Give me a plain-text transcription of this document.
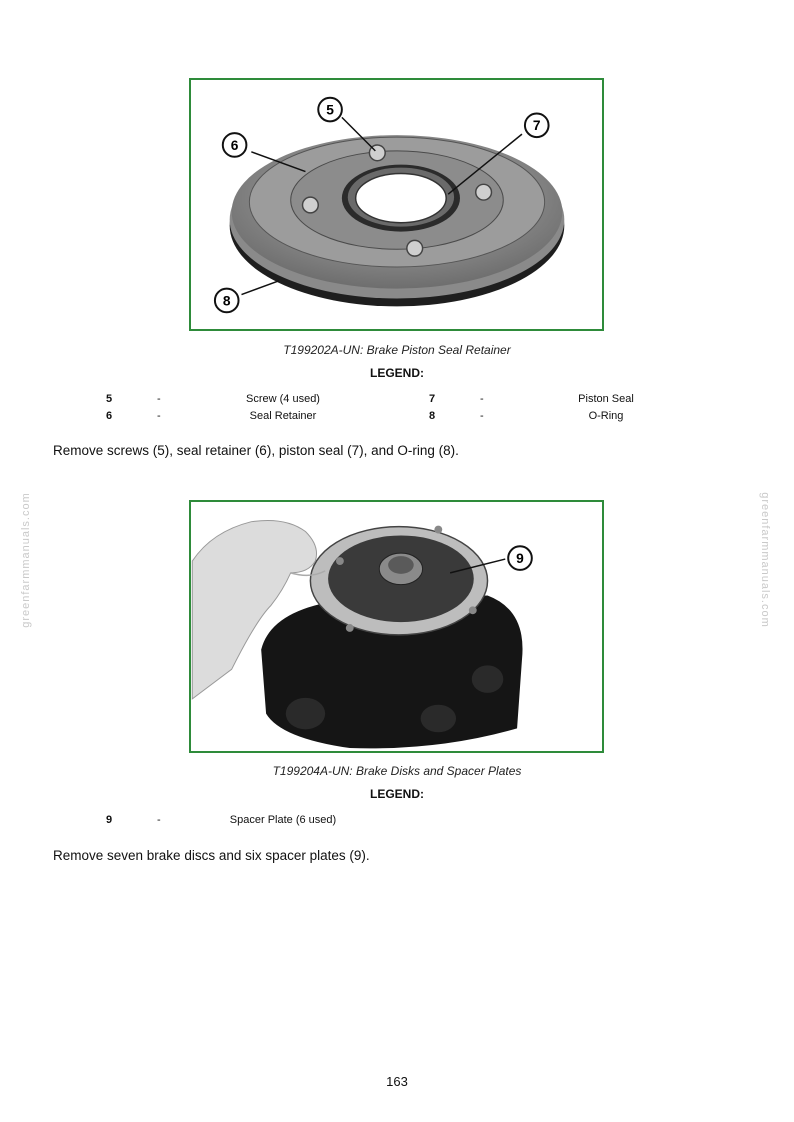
greenfarmmanuals.com	greenfarmmanuals.com
5
6
7
8
T199202A-UN: Brake Piston Seal Retainer
LEGEND:
5	-	Screw (4 used)	7	-	Piston Seal
6	-	Seal Retainer	8	-	O-Ring
Remove screws (5), seal retainer (6), piston seal (7), and O-ring (8).
9
T199204A-UN: Brake Disks and Spacer Plates
LEGEND:
9	-	Spacer Plate (6 used)
Remove seven brake discs and six spacer plates (9).
163
